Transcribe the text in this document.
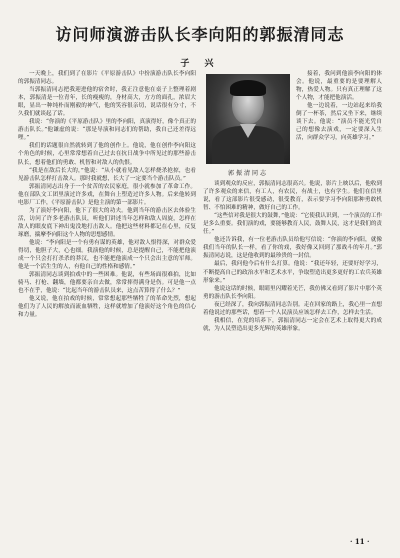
访问师演游击队长李向阳的郭振清同志
子 兴

一天晚上，我们到了在影片《平原游击队》中扮演游击队长李向阳的郭振清同志。

当郭振清同志把我迎进他的宿舍时，我正注意他在桌子上整理着剧本，郭振清是一位青年，长的瘦瘦的，身材高大，方方的面孔，浓眉大眼，显出一种纯朴而刚毅的神气，他的笑容很亲切，说话很有分寸，不久我们就谈起了话。

我说：“你演的《平原游击队》里的李向阳，真演得好，像个真正的游击队长。”他谦虚的说：“那是导演和同志们的帮助，我自己还差得远哩。”

我们的话题很自然就转到了他的创作上。他说，他在创作李向阳这个角色的时候，心里常常想着自己过去在抗日战争中所见过的那些游击队长，想着他们的勇敢、机智和对敌人的仇恨。

“我是在敌后长大的，”他说：“从小就看见敌人怎样烧杀抢掠，也看见游击队怎样打击敌人。那时我就想，长大了一定要当个游击队员。”

郭振清同志出身于一个贫苦的农民家庭，很小就参加了革命工作。他在部队文工团里演过许多戏，在舞台上塑造过许多人物。后来他转到电影厂工作，《平原游击队》是他主演的第一部影片。

为了演好李向阳，他下了很大的功夫。他到当年的游击区去体验生活，访问了许多老游击队员，听他们讲述当年怎样和敌人周旋，怎样在敌人的眼皮底下神出鬼没地打击敌人。他把这些材料都记在心里，反复琢磨，揣摩李向阳这个人物的思想感情。

他说：“李向阳是一个有勇有谋的英雄，他对敌人恨得深，对群众爱得切，他胆子大，心也细。我演他的时候，总是提醒自己，不能把他演成一个只会打打杀杀的莽汉，也不能把他演成一个只会出主意的军师。他是一个活生生的人，有他自己的性格和感情。”

郭振清同志谈到拍戏中的一些困难。他说，有些场面很难拍，比如骑马、打枪、翻墙，他都要亲自去做，常常摔得满身是伤。可是他一点也不在乎，他说：“比起当年的游击队员来，这点苦算得了什么？”

他又说，他在拍戏的时候，常常想起那些牺牲了的革命先烈，想起他们为了人民的解放而流血牺牲，这样就增加了他演好这个角色的信心和力量。

郭振清同志

接着，我问到他演李向阳的体会。他说，最重要的是要理解人物，热爱人物。只有真正理解了这个人物，才能把他演活。

他一边说着，一边站起来给我倒了一杯茶，然后又坐下来，继续谈下去。他说：“演员不能光凭自己的想像去演戏，一定要深入生活，向群众学习，向英雄学习。”

谈到观众的反应，郭振清同志很高兴。他说，影片上映以后，他收到了许多观众的来信，有工人，有农民，有战士，也有学生。他们在信里说，看了这部影片很受感动，很受教育，表示要学习李向阳那种勇敢机智、不怕困难的精神，做好自己的工作。

“这些信对我是很大的鼓舞，”他说：“它使我认识到，一个演员的工作是多么重要。我们演的戏，要能够教育人民，鼓舞人民，这才是我们的责任。”

他还告诉我，有一位老游击队员给他写信说：“你演的李向阳，就像我们当年的队长一样，看了你的戏，我好像又回到了那战斗的年月。”郭振清同志说，这是他收到的最珍贵的一封信。

最后，我问他今后有什么打算。他说：“我还年轻，还要好好学习，不断提高自己的政治水平和艺术水平，争取塑造出更多更好的工农兵英雄形象来。”

他说这话的时候，眼睛里闪耀着光芒，我仿佛又看到了影片中那个英勇的游击队长李向阳。

夜已经深了，我向郭振清同志告别。走在回家的路上，我心里一直想着他说过的那些话，想着一个人民演员应该怎样去工作，怎样去生活。

我相信，在党的培养下，郭振清同志一定会在艺术上取得更大的成就，为人民塑造出更多光辉的英雄形象。

· 11 ·
